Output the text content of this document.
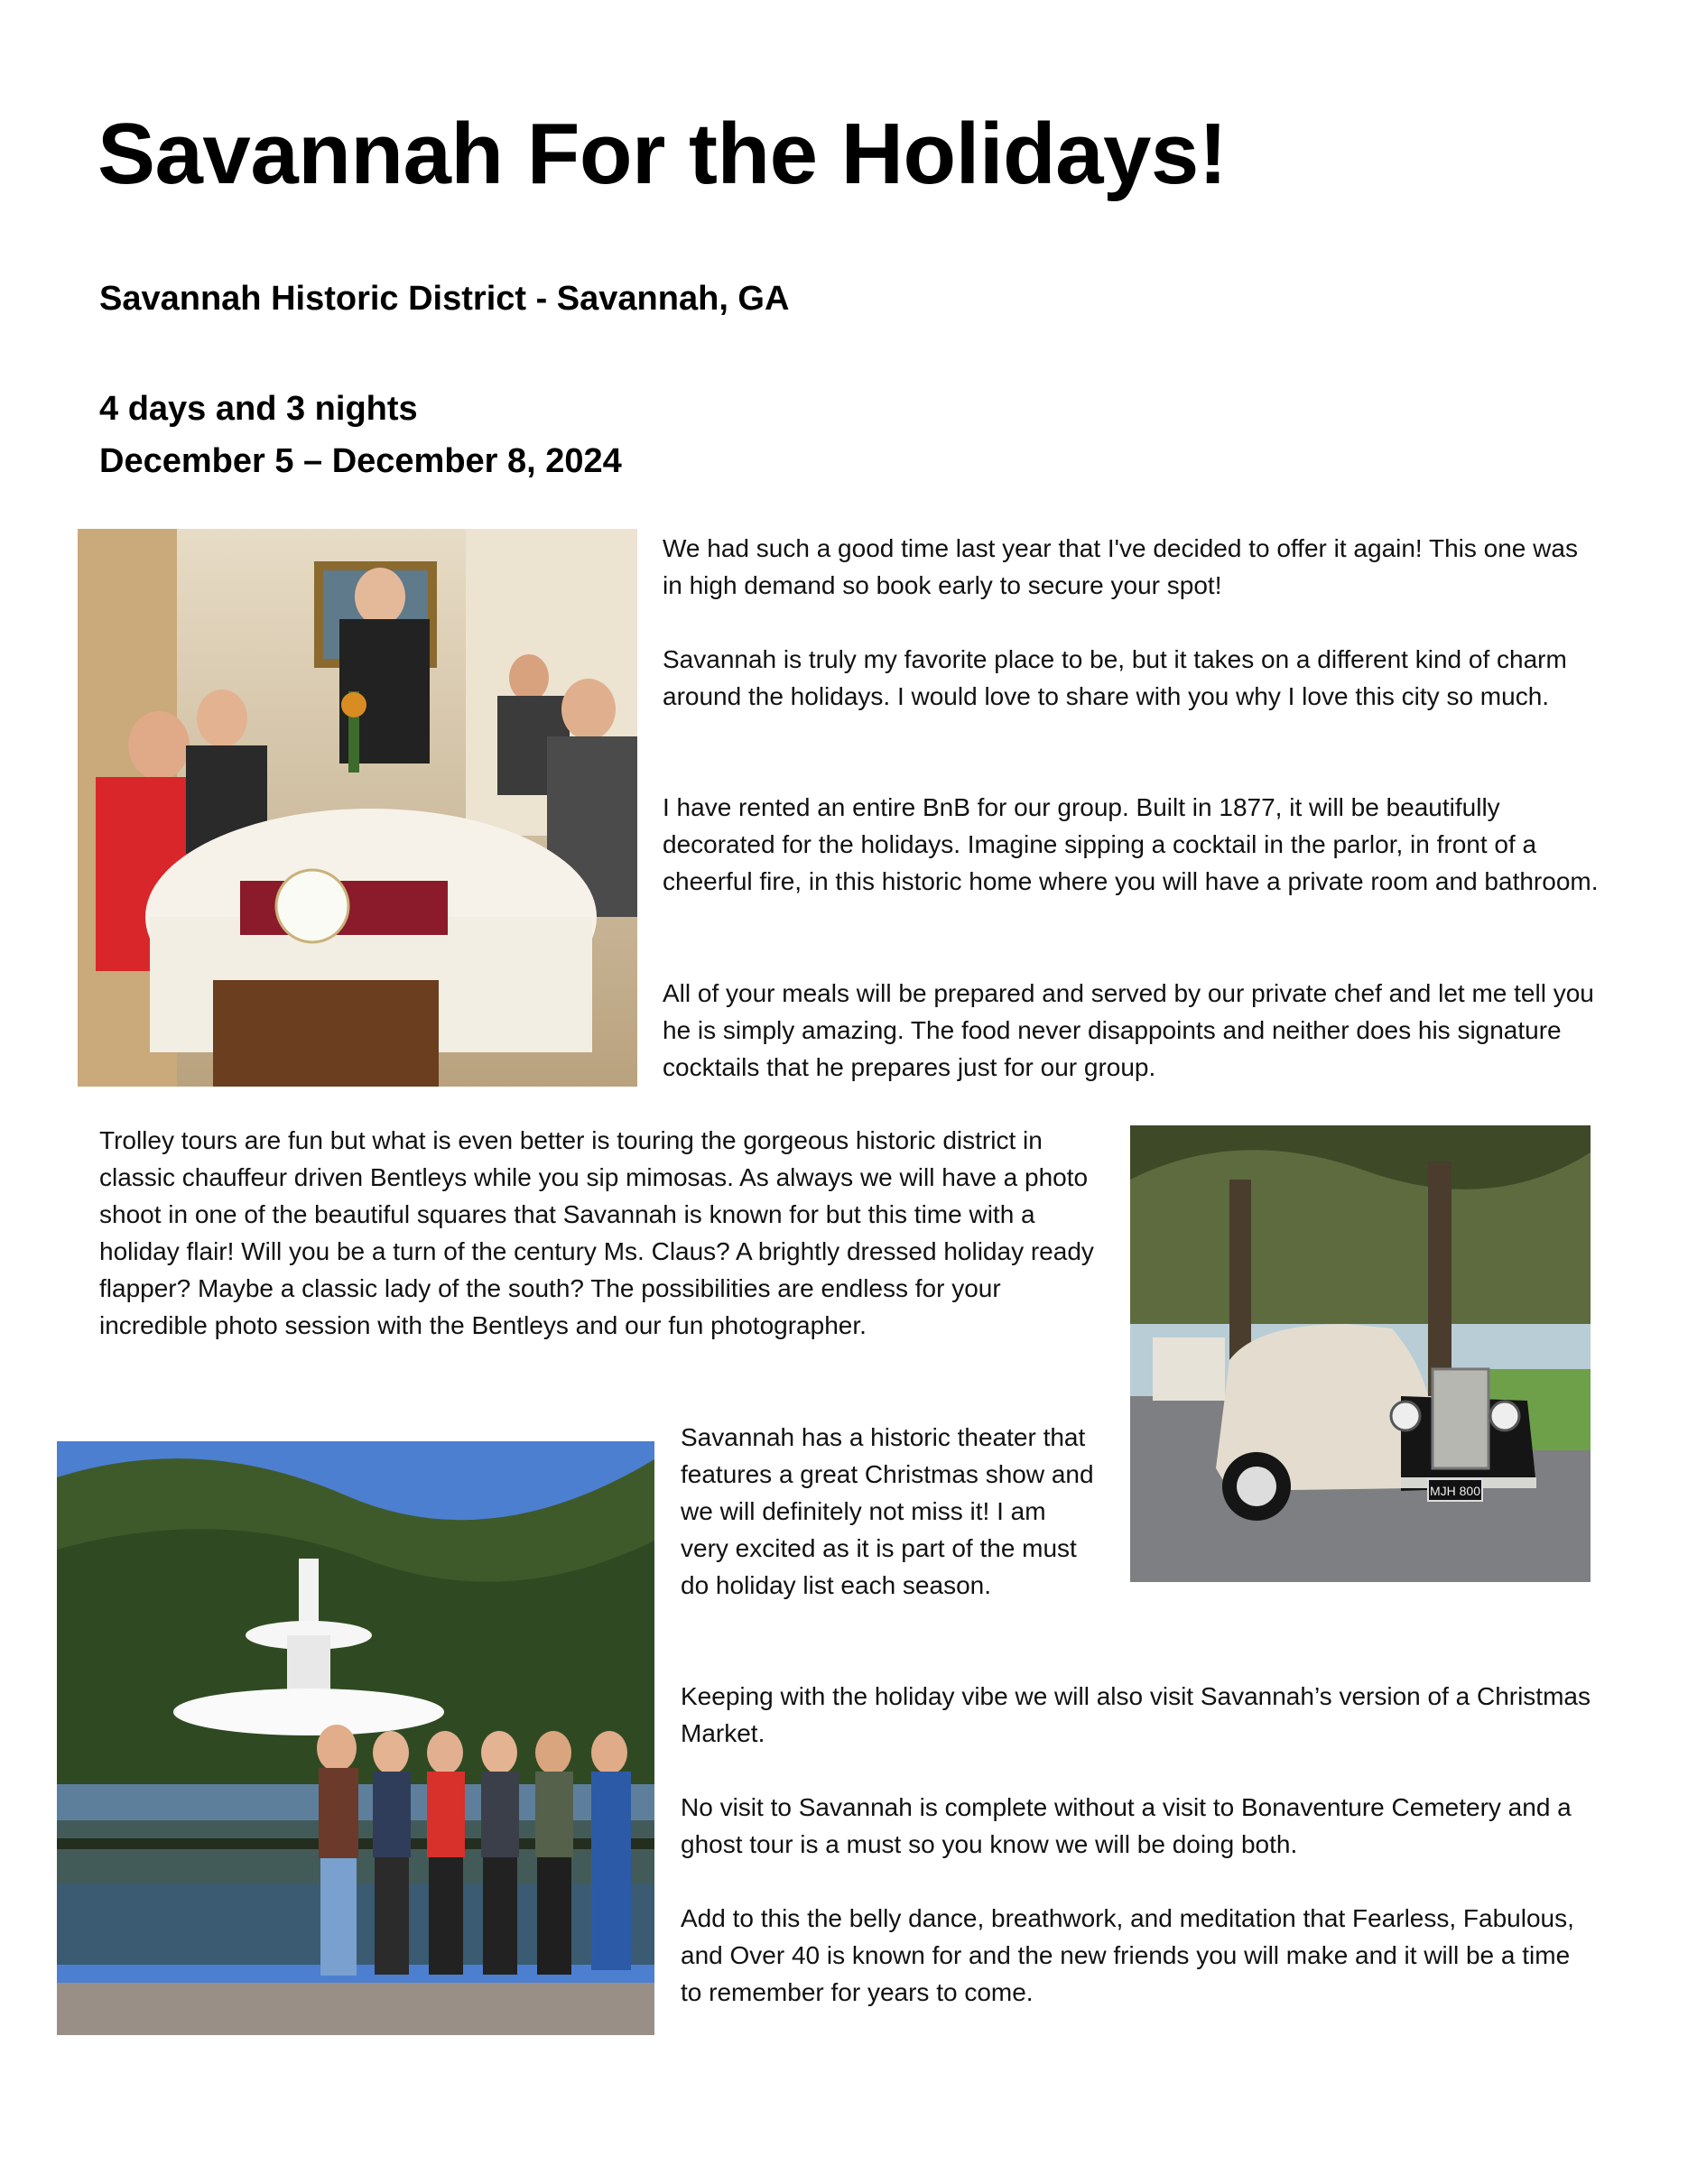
Savannah For the Holidays!
Savannah Historic District - Savannah, GA
4 days and 3 nights
December 5 – December 8, 2024
We had such a good time last year that I've decided to offer it again! This one was in high demand so book early to secure your spot!
Savannah is truly my favorite place to be, but it takes on a different kind of charm around the holidays. I would love to share with you why I love this city so much.
I have rented an entire BnB for our group. Built in 1877, it will be beautifully decorated for the holidays. Imagine sipping a cocktail in the parlor, in front of a cheerful fire, in this historic home where you will have a private room and bathroom.
All of your meals will be prepared and served by our private chef and let me tell you he is simply amazing. The food never disappoints and neither does his signature cocktails that he prepares just for our group.
Trolley tours are fun but what is even better is touring the gorgeous historic district in classic chauffeur driven Bentleys while you sip mimosas. As always we will have a photo shoot in one of the beautiful squares that Savannah is known for but this time with a holiday flair! Will you be a turn of the century Ms. Claus? A brightly dressed holiday ready flapper? Maybe a classic lady of the south? The possibilities are endless for your incredible photo session with the Bentleys and our fun photographer.
MJH 800
Savannah has a historic theater that features a great Christmas show and we will definitely not miss it! I am very excited as it is part of the must do holiday list each season.
Keeping with the holiday vibe we will also visit Savannah’s version of a Christmas Market.
No visit to Savannah is complete without a visit to Bonaventure Cemetery and a ghost tour is a must so you know we will be doing both.
Add to this the belly dance, breathwork, and meditation that Fearless, Fabulous, and Over 40 is known for and the new friends you will make and it will be a time to remember for years to come.
